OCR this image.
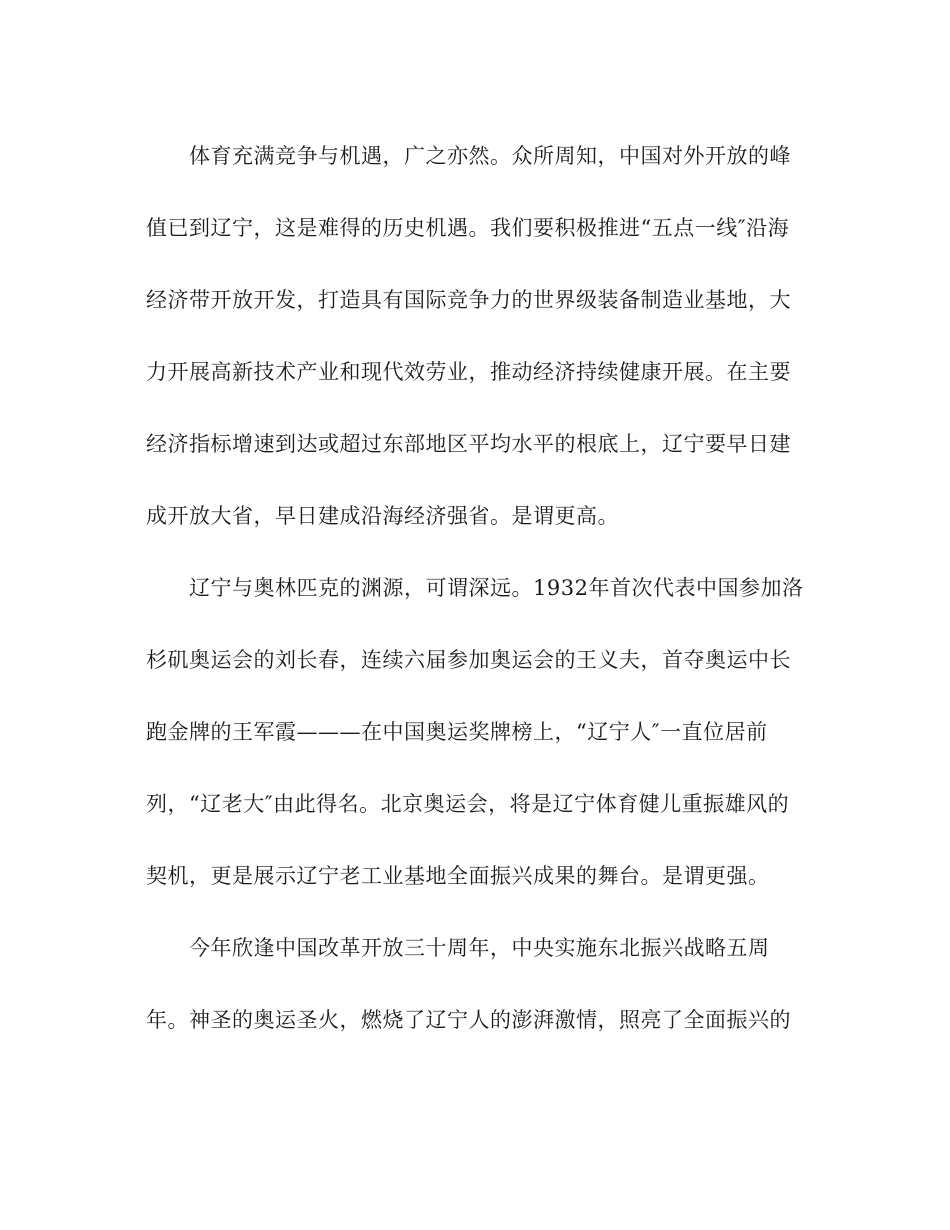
体育充满竞争与机遇，广之亦然。众所周知，中国对外开放的峰
值已到辽宁，这是难得的历史机遇。我们要积极推进“五点一线″沿海
经济带开放开发，打造具有国际竞争力的世界级装备制造业基地，大
力开展高新技术产业和现代效劳业，推动经济持续健康开展。在主要
经济指标增速到达或超过东部地区平均水平的根底上，辽宁要早日建
成开放大省，早日建成沿海经济强省。是谓更高。
辽宁与奥林匹克的渊源，可谓深远。1932年首次代表中国参加洛
杉矶奥运会的刘长春，连续六届参加奥运会的王义夫，首夺奥运中长
跑金牌的王军霞———在中国奥运奖牌榜上，“辽宁人″一直位居前
列，“辽老大″由此得名。北京奥运会，将是辽宁体育健儿重振雄风的
契机，更是展示辽宁老工业基地全面振兴成果的舞台。是谓更强。
今年欣逢中国改革开放三十周年，中央实施东北振兴战略五周
年。神圣的奥运圣火，燃烧了辽宁人的澎湃激情，照亮了全面振兴的
